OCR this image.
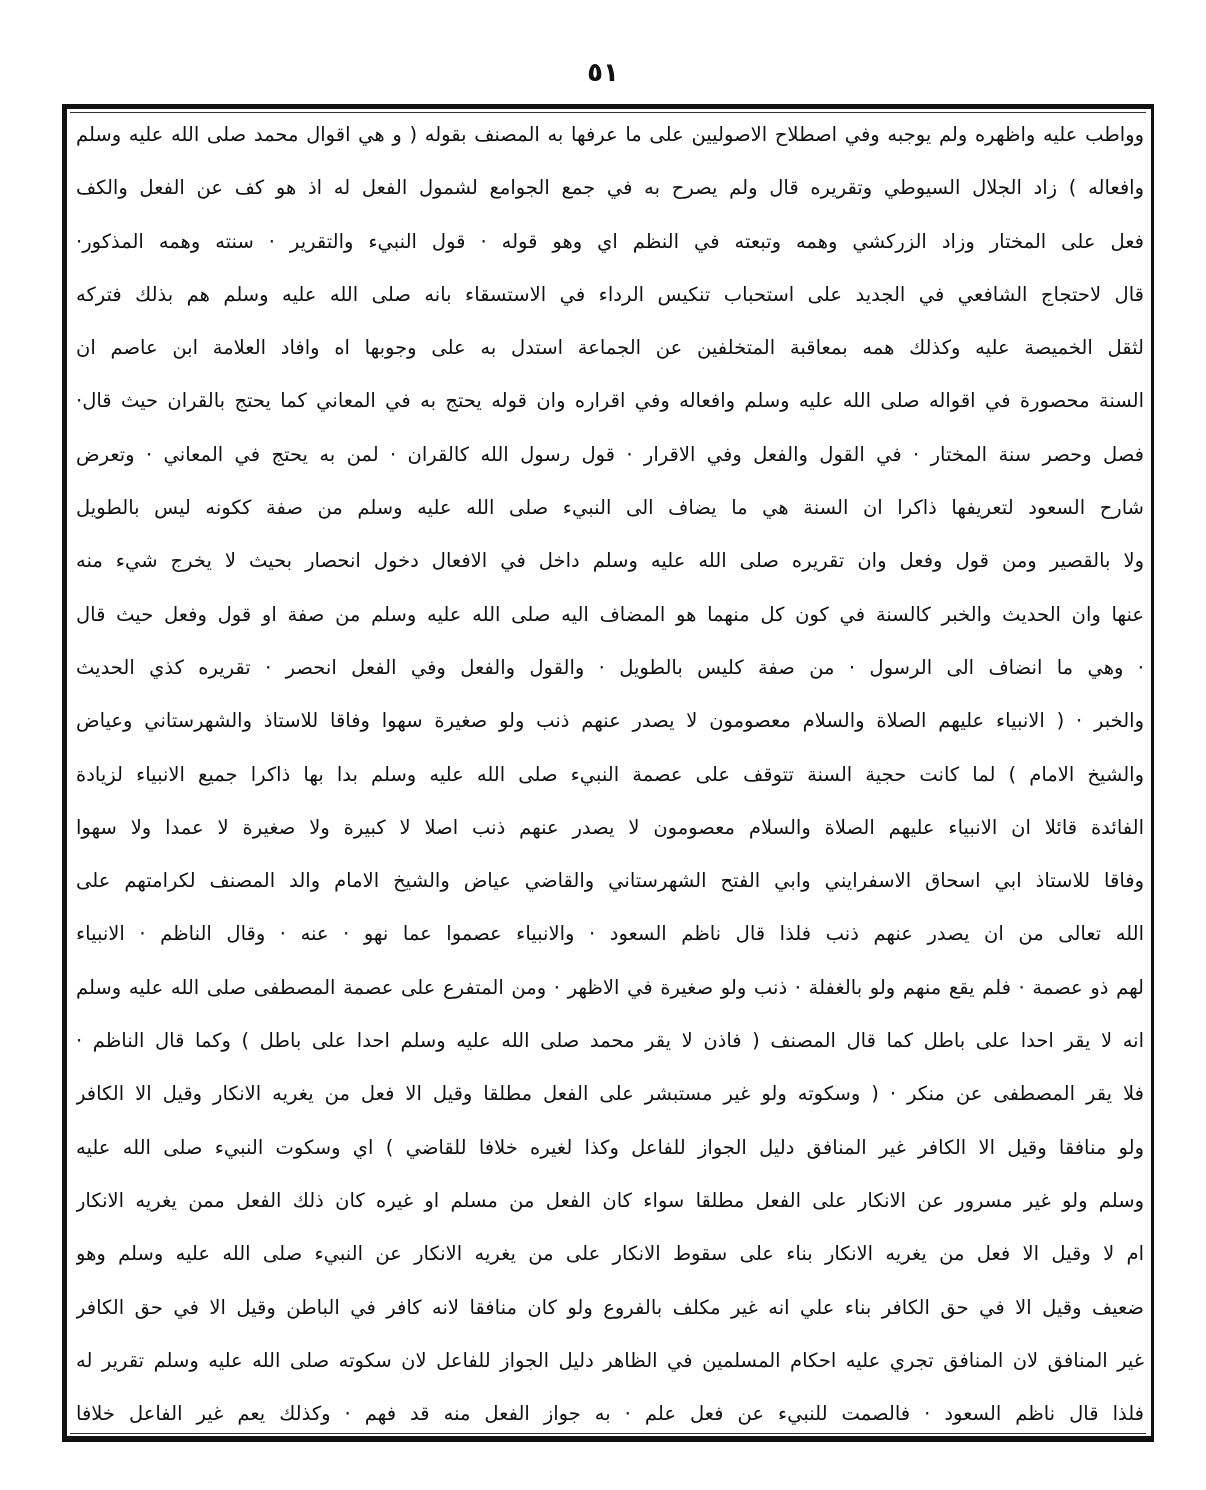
٥١
وواطب عليه واظهره ولم يوجبه وفي اصطلاح الاصوليين على ما عرفها به المصنف بقوله ( و هي اقوال محمد صلى الله عليه وسلم
وافعاله ) زاد الجلال السيوطي وتقريره قال ولم يصرح به في جمع الجوامع لشمول الفعل له اذ هو كف عن الفعل والكف
فعل على المختار وزاد الزركشي وهمه وتبعته في النظم اي وهو قوله · قول النبيء والتقرير · سنته وهمه المذكور·
قال لاحتجاج الشافعي في الجديد على استحباب تنكيس الرداء في الاستسقاء بانه صلى الله عليه وسلم هم بذلك فتركه
لثقل الخميصة عليه وكذلك همه بمعاقبة المتخلفين عن الجماعة استدل به على وجوبها اه وافاد العلامة ابن عاصم ان
السنة محصورة في اقواله صلى الله عليه وسلم وافعاله وفي اقراره وان قوله يحتج به في المعاني كما يحتج بالقران حيث قال·
فصل وحصر سنة المختار · في القول والفعل وفي الاقرار · قول رسول الله كالقران · لمن به يحتج في المعاني · وتعرض
شارح السعود لتعريفها ذاكرا ان السنة هي ما يضاف الى النبيء صلى الله عليه وسلم من صفة ككونه ليس بالطويل
ولا بالقصير ومن قول وفعل وان تقريره صلى الله عليه وسلم داخل في الافعال دخول انحصار بحيث لا يخرج شيء منه
عنها وان الحديث والخبر كالسنة في كون كل منهما هو المضاف اليه صلى الله عليه وسلم من صفة او قول وفعل حيث قال
· وهي ما انضاف الى الرسول · من صفة كليس بالطويل · والقول والفعل وفي الفعل انحصر · تقريره كذي الحديث
والخبر · ( الانبياء عليهم الصلاة والسلام معصومون لا يصدر عنهم ذنب ولو صغيرة سهوا وفاقا للاستاذ والشهرستاني وعياض
والشيخ الامام ) لما كانت حجية السنة تتوقف على عصمة النبيء صلى الله عليه وسلم بدا بها ذاكرا جميع الانبياء لزيادة
الفائدة قائلا ان الانبياء عليهم الصلاة والسلام معصومون لا يصدر عنهم ذنب اصلا لا كبيرة ولا صغيرة لا عمدا ولا سهوا
وفاقا للاستاذ ابي اسحاق الاسفرايني وابي الفتح الشهرستاني والقاضي عياض والشيخ الامام والد المصنف لكرامتهم على
الله تعالى من ان يصدر عنهم ذنب فلذا قال ناظم السعود · والانبياء عصموا عما نهو · عنه · وقال الناظم · الانبياء
لهم ذو عصمة · فلم يقع منهم ولو بالغفلة · ذنب ولو صغيرة في الاظهر · ومن المتفرع على عصمة المصطفى صلى الله عليه وسلم
انه لا يقر احدا على باطل كما قال المصنف ( فاذن لا يقر محمد صلى الله عليه وسلم احدا على باطل ) وكما قال الناظم ·
فلا يقر المصطفى عن منكر · ( وسكوته ولو غير مستبشر على الفعل مطلقا وقيل الا فعل من يغريه الانكار وقيل الا الكافر
ولو منافقا وقيل الا الكافر غير المنافق دليل الجواز للفاعل وكذا لغيره خلافا للقاضي ) اي وسكوت النبيء صلى الله عليه
وسلم ولو غير مسرور عن الانكار على الفعل مطلقا سواء كان الفعل من مسلم او غيره كان ذلك الفعل ممن يغريه الانكار
ام لا وقيل الا فعل من يغريه الانكار بناء على سقوط الانكار على من يغريه الانكار عن النبيء صلى الله عليه وسلم وهو
ضعيف وقيل الا في حق الكافر بناء علي انه غير مكلف بالفروع ولو كان منافقا لانه كافر في الباطن وقيل الا في حق الكافر
غير المنافق لان المنافق تجري عليه احكام المسلمين في الظاهر دليل الجواز للفاعل لان سكوته صلى الله عليه وسلم تقرير له
فلذا قال ناظم السعود · فالصمت للنبيء عن فعل علم · به جواز الفعل منه قد فهم · وكذلك يعم غير الفاعل خلافا
